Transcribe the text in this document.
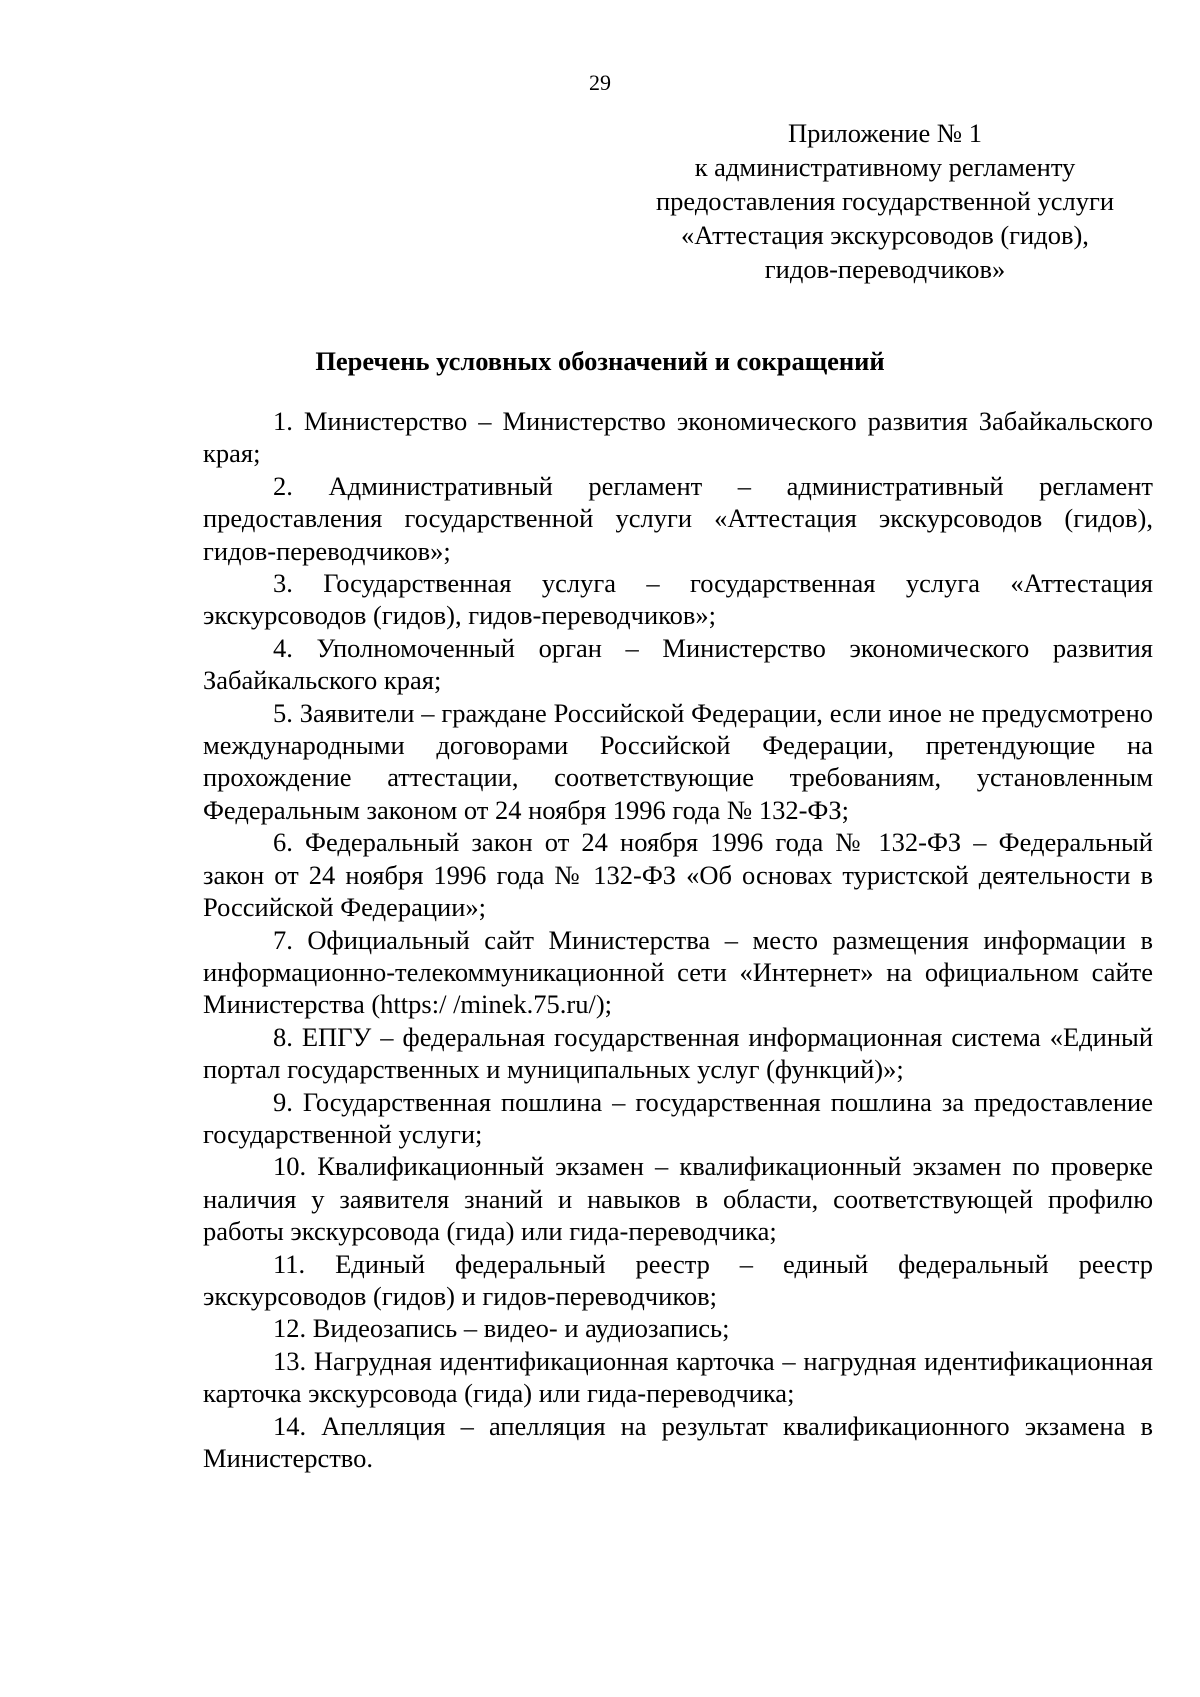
29
Приложение № 1
к административному регламенту
предоставления государственной услуги
«Аттестация экскурсоводов (гидов),
гидов-переводчиков»
Перечень условных обозначений и сокращений

1. Министерство – Министерство экономического развития Забайкальского края;

2. Административный регламент – административный регламент предоставления государственной услуги «Аттестация экскурсоводов (гидов), гидов-переводчиков»;

3. Государственная услуга – государственная услуга «Аттестация экскурсоводов (гидов), гидов-переводчиков»;

4. Уполномоченный орган – Министерство экономического развития Забайкальского края;

5. Заявители – граждане Российской Федерации, если иное не предусмотрено международными договорами Российской Федерации, претендующие на прохождение аттестации, соответствующие требованиям, установленным Федеральным законом от 24 ноября 1996 года № 132-ФЗ;

6. Федеральный закон от 24 ноября 1996 года № 132-ФЗ – Федеральный закон от 24 ноября 1996 года № 132-ФЗ «Об основах туристской деятельности в Российской Федерации»;

7. Официальный сайт Министерства – место размещения информации в информационно-телекоммуникационной сети «Интернет» на официальном сайте Министерства (https:/ /minek.75.ru/);

8. ЕПГУ – федеральная государственная информационная система «Единый портал государственных и муниципальных услуг (функций)»;

9. Государственная пошлина – государственная пошлина за предоставление государственной услуги;

10. Квалификационный экзамен – квалификационный экзамен по проверке наличия у заявителя знаний и навыков в области, соответствующей профилю работы экскурсовода (гида) или гида-переводчика;

11. Единый федеральный реестр – единый федеральный реестр экскурсоводов (гидов) и гидов-переводчиков;

12. Видеозапись – видео- и аудиозапись;

13. Нагрудная идентификационная карточка – нагрудная идентификационная карточка экскурсовода (гида) или гида-переводчика;

14. Апелляция – апелляция на результат квалификационного экзамена в Министерство.
